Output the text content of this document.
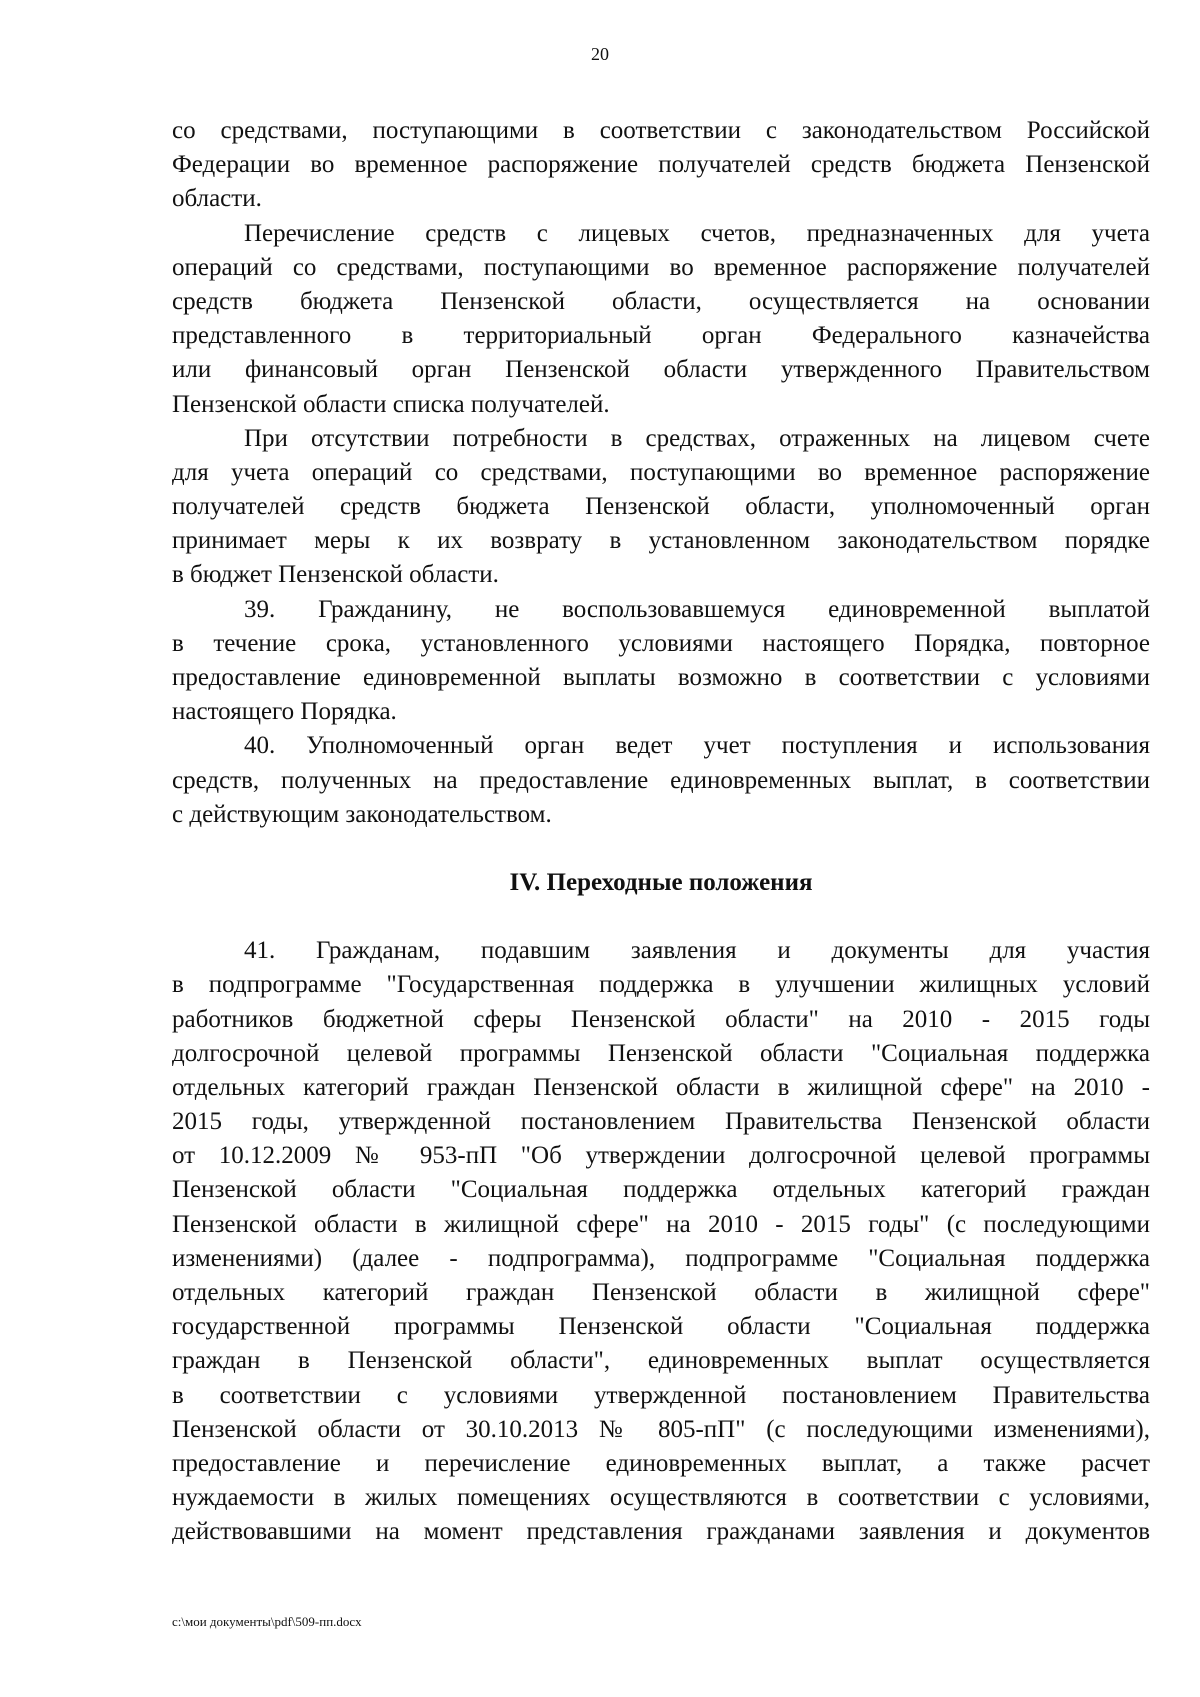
20
со средствами, поступающими в соответствии с законодательством Российской
Федерации во временное распоряжение получателей средств бюджета Пензенской
области.
Перечисление средств с лицевых счетов, предназначенных для учета
операций со средствами, поступающими во временное распоряжение получателей
средств бюджета Пензенской области, осуществляется на основании
представленного в территориальный орган Федерального казначейства
или финансовый орган Пензенской области утвержденного Правительством
Пензенской области списка получателей.
При отсутствии потребности в средствах, отраженных на лицевом счете
для учета операций со средствами, поступающими во временное распоряжение
получателей средств бюджета Пензенской области, уполномоченный орган
принимает меры к их возврату в установленном законодательством порядке
в бюджет Пензенской области.
39. Гражданину, не воспользовавшемуся единовременной выплатой
в течение срока, установленного условиями настоящего Порядка, повторное
предоставление единовременной выплаты возможно в соответствии с условиями
настоящего Порядка.
40. Уполномоченный орган ведет учет поступления и использования
средств, полученных на предоставление единовременных выплат, в соответствии
с действующим законодательством.
IV. Переходные положения
41. Гражданам, подавшим заявления и документы для участия
в подпрограмме "Государственная поддержка в улучшении жилищных условий
работников бюджетной сферы Пензенской области" на 2010 - 2015 годы
долгосрочной целевой программы Пензенской области "Социальная поддержка
отдельных категорий граждан Пензенской области в жилищной сфере" на 2010 -
2015 годы, утвержденной постановлением Правительства Пензенской области
от 10.12.2009 № 953-пП "Об утверждении долгосрочной целевой программы
Пензенской области "Социальная поддержка отдельных категорий граждан
Пензенской области в жилищной сфере" на 2010 - 2015 годы" (с последующими
изменениями) (далее - подпрограмма), подпрограмме "Социальная поддержка
отдельных категорий граждан Пензенской области в жилищной сфере"
государственной программы Пензенской области "Социальная поддержка
граждан в Пензенской области", единовременных выплат осуществляется
в соответствии с условиями утвержденной постановлением Правительства
Пензенской области от 30.10.2013 № 805-пП" (с последующими изменениями),
предоставление и перечисление единовременных выплат, а также расчет
нуждаемости в жилых помещениях осуществляются в соответствии с условиями,
действовавшими на момент представления гражданами заявления и документов
c:\мои документы\pdf\509-пп.docx
